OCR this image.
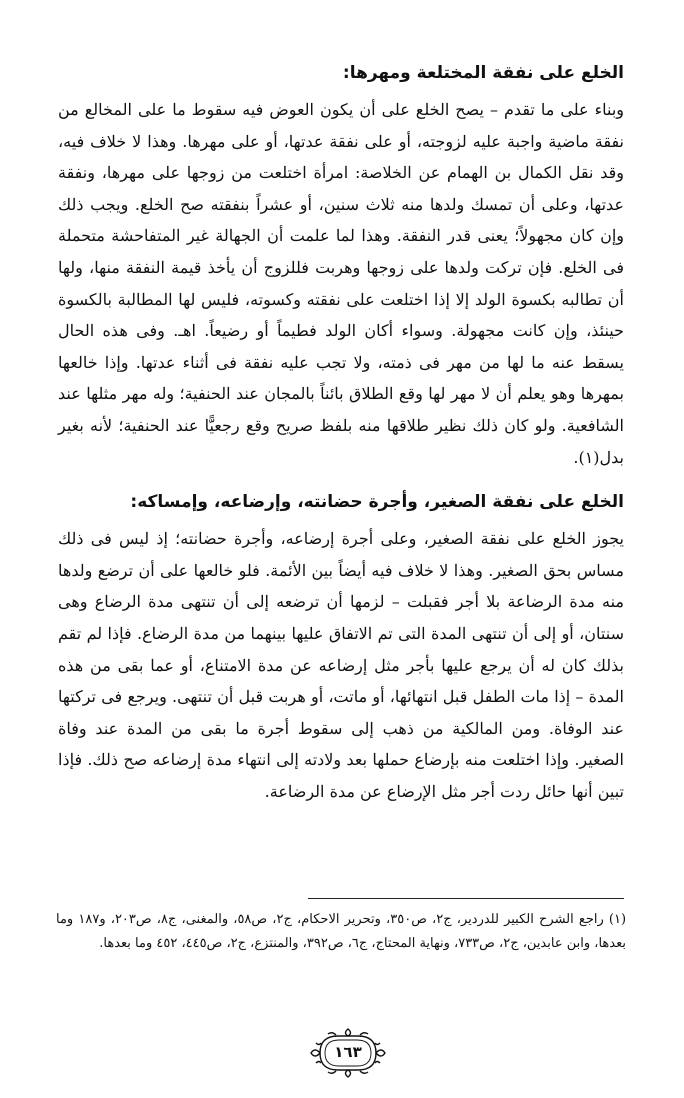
الخلع على نفقة المختلعة ومهرها:

وبناء على ما تقدم – يصح الخلع على أن يكون العوض فيه سقوط ما على المخالع من نفقة ماضية واجبة عليه لزوجته، أو على نفقة عدتها، أو على مهرها. وهذا لا خلاف فيه، وقد نقل الكمال بن الهمام عن الخلاصة: امرأة اختلعت من زوجها على مهرها، ونفقة عدتها، وعلى أن تمسك ولدها منه ثلاث سنين، أو عشراً بنفقته صح الخلع. ويجب ذلك وإن كان مجهولاً؛ يعنى قدر النفقة. وهذا لما علمت أن الجهالة غير المتفاحشة متحملة فى الخلع. فإن تركت ولدها على زوجها وهربت فللزوج أن يأخذ قيمة النفقة منها، ولها أن تطالبه بكسوة الولد إلا إذا اختلعت على نفقته وكسوته، فليس لها المطالبة بالكسوة حينئذ، وإن كانت مجهولة. وسواء أكان الولد فطيماً أو رضيعاً. اهـ. وفى هذه الحال يسقط عنه ما لها من مهر فى ذمته، ولا تجب عليه نفقة فى أثناء عدتها. وإذا خالعها بمهرها وهو يعلم أن لا مهر لها وقع الطلاق بائناً بالمجان عند الحنفية؛ وله مهر مثلها عند الشافعية. ولو كان ذلك نظير طلاقها منه بلفظ صريح وقع رجعيًّا عند الحنفية؛ لأنه بغير بدل(١).

الخلع على نفقة الصغير، وأجرة حضانته، وإرضاعه، وإمساكه:

يجوز الخلع على نفقة الصغير، وعلى أجرة إرضاعه، وأجرة حضانته؛ إذ ليس فى ذلك مساس بحق الصغير. وهذا لا خلاف فيه أيضاً بين الأئمة. فلو خالعها على أن ترضع ولدها منه مدة الرضاعة بلا أجر فقبلت – لزمها أن ترضعه إلى أن تنتهى مدة الرضاع وهى سنتان، أو إلى أن تنتهى المدة التى تم الاتفاق عليها بينهما من مدة الرضاع. فإذا لم تقم بذلك كان له أن يرجع عليها بأجر مثل إرضاعه عن مدة الامتناع، أو عما بقى من هذه المدة – إذا مات الطفل قبل انتهائها، أو ماتت، أو هربت قبل أن تنتهى. ويرجع فى تركتها عند الوفاة. ومن المالكية من ذهب إلى سقوط أجرة ما بقى من المدة عند وفاة الصغير. وإذا اختلعت منه بإرضاع حملها بعد ولادته إلى انتهاء مدة إرضاعه صح ذلك. فإذا تبين أنها حائل ردت أجر مثل الإرضاع عن مدة الرضاعة.

(١) راجع الشرح الكبير للدردير، ج٢، ص٣٥٠، وتحرير الاحكام، ج٢، ص٥٨، والمغنى، ج٨، ص٢٠٣، و١٨٧ وما بعدها، وابن عابدين، ج٢، ص٧٣٣، ونهاية المحتاج، ج٦، ص٣٩٢، والمنتزع، ج٢، ص٤٤٥، ٤٥٢ وما بعدها.

١٦٣
